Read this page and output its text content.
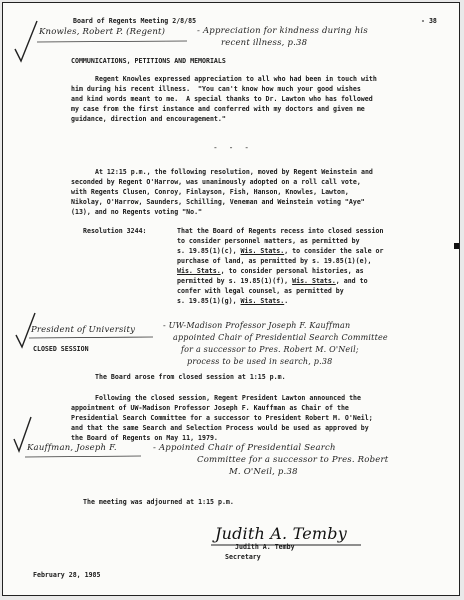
Board of Regents Meeting 2/8/85	- 38
Knowles, Robert P. (Regent)	- Appreciation for kindness during his
recent illness, p.38
COMMUNICATIONS, PETITIONS AND MEMORIALS
Regent Knowles expressed appreciation to all who had been in touch with
him during his recent illness.  "You can't know how much your good wishes
and kind words meant to me.  A special thanks to Dr. Lawton who has followed
my case from the first instance and conferred with my doctors and given me
guidance, direction and encouragement."
- - -
At 12:15 p.m., the following resolution, moved by Regent Weinstein and
seconded by Regent O'Harrow, was unanimously adopted on a roll call vote,
with Regents Clusen, Conroy, Finlayson, Fish, Hanson, Knowles, Lawton,
Nikolay, O'Harrow, Saunders, Schilling, Veneman and Weinstein voting "Aye"
(13), and no Regents voting "No."
Resolution 3244:	That the Board of Regents recess into closed session
to consider personnel matters, as permitted by
s. 19.85(1)(c), Wis. Stats., to consider the sale or
purchase of land, as permitted by s. 19.85(1)(e),
Wis. Stats., to consider personal histories, as
permitted by s. 19.85(1)(f), Wis. Stats., and to
confer with legal counsel, as permitted by
s. 19.85(1)(g), Wis. Stats..
President of University	- UW-Madison Professor Joseph F. Kauffman
appointed Chair of Presidential Search Committee
for a successor to Pres. Robert M. O'Neil;
process to be used in search, p.38
CLOSED SESSION
The Board arose from closed session at 1:15 p.m.
Following the closed session, Regent President Lawton announced the
appointment of UW-Madison Professor Joseph F. Kauffman as Chair of the
Presidential Search Committee for a successor to President Robert M. O'Neil;
and that the same Search and Selection Process would be used as approved by
the Board of Regents on May 11, 1979.
Kauffman, Joseph F.	- Appointed Chair of Presidential Search
Committee for a successor to Pres. Robert
M. O'Neil, p.38
The meeting was adjourned at 1:15 p.m.
Judith A. Temby
Judith A. Temby
Secretary
February 28, 1985
